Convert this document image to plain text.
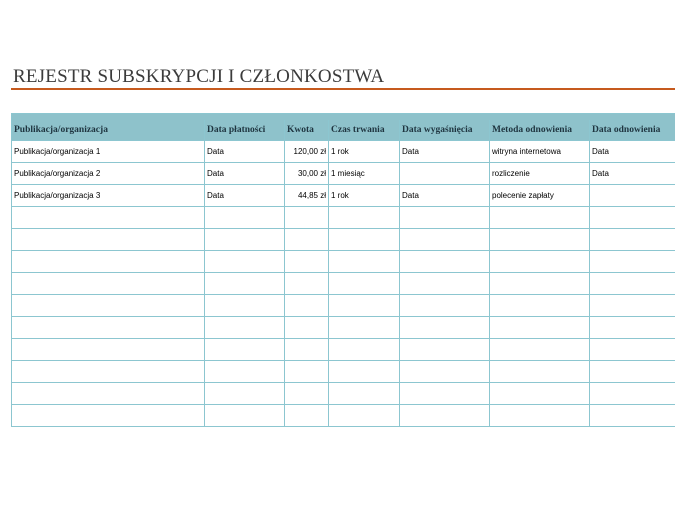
REJESTR SUBSKRYPCJI I CZŁONKOSTWA

Publikacja/organizacja	Data płatności	Kwota	Czas trwania	Data wygaśnięcia	Metoda odnowienia	Data odnowienia
Publikacja/organizacja 1	Data	120,00 zł	1 rok	Data	witryna internetowa	Data
Publikacja/organizacja 2	Data	30,00 zł	1 miesiąc		rozliczenie	Data
Publikacja/organizacja 3	Data	44,85 zł	1 rok	Data	polecenie zapłaty	
